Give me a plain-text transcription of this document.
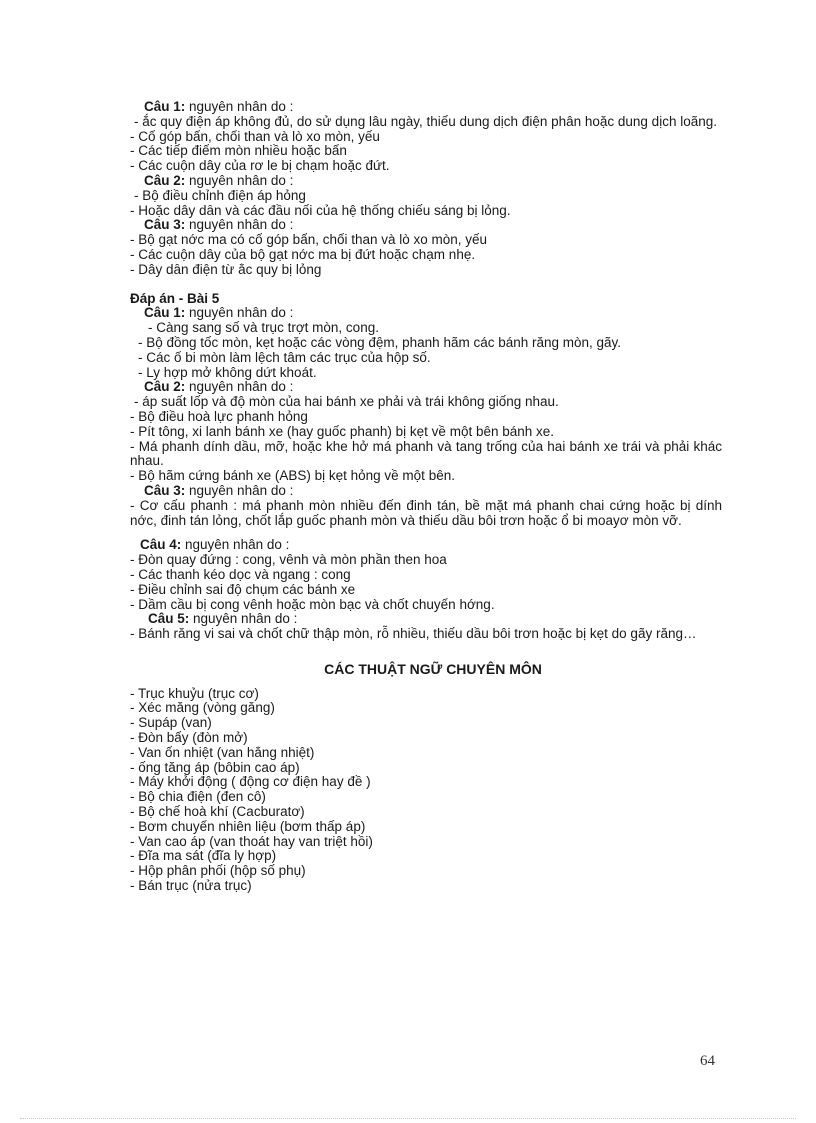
Câu 1: nguyên nhân do :
- ắc quy điện áp không đủ, do sử dụng lâu ngày, thiếu dung dịch điện phân hoặc dung dịch loãng.
- Cổ góp bẩn, chổi than và lò xo mòn, yếu
- Các tiếp điểm mòn nhiều hoặc bẩn
- Các cuộn dây của rơ le bị chạm hoặc đứt.
Câu 2: nguyên nhân do :
- Bộ điều chỉnh điện áp hỏng
- Hoặc dây dẫn và các đầu nối của hệ thống chiếu sáng bị lỏng.
Câu 3: nguyên nhân do :
- Bộ gạt nớc ma có cổ góp bẩn, chổi than và lò xo mòn, yếu
- Các cuộn dây của bộ gạt nớc ma bị đứt hoặc chạm nhẹ.
- Dây dẫn điện từ ắc quy bị lỏng
Đáp án - Bài 5
Câu 1: nguyên nhân do :
- Càng sang số và trục trợt mòn, cong.
- Bộ đồng tốc mòn, kẹt hoặc các vòng đệm, phanh hãm các bánh răng mòn, gãy.
- Các ổ bi mòn làm lệch tâm các trục của hộp số.
- Ly hợp mở không dứt khoát.
Câu 2: nguyên nhân do :
- áp suất lốp và độ mòn của hai bánh xe phải và trái không giống nhau.
- Bộ điều hoà lực phanh hỏng
- Pít tông, xi lanh bánh xe (hay guốc phanh) bị kẹt về một bên bánh xe.
- Má phanh dính dầu, mỡ, hoặc khe hở má phanh và tang trống của hai bánh xe trái và phải khác nhau.
- Bộ hãm cứng bánh xe (ABS) bị kẹt hỏng về một bên.
Câu 3: nguyên nhân do :
- Cơ cấu phanh : má phanh mòn nhiều đến đinh tán, bề mặt má phanh chai cứng hoặc bị dính nớc, đinh tán lỏng, chốt lắp guốc phanh mòn và thiếu dầu bôi trơn hoặc ổ bi moayơ mòn vỡ.
Câu 4: nguyên nhân do :
- Đòn quay đứng : cong, vênh và mòn phần then hoa
- Các thanh kéo dọc và ngang : cong
- Điều chỉnh sai độ chụm các bánh xe
- Dầm cầu bị cong vênh hoặc mòn bạc và chốt chuyển hớng.
Câu 5: nguyên nhân do :
- Bánh răng vi sai và chốt chữ thập mòn, rỗ nhiều, thiếu dầu bôi trơn hoặc bị kẹt do gãy răng…
CÁC THUẬT NGỮ CHUYÊN MÔN
- Trục khuỷu (trục cơ)
- Xéc măng (vòng găng)
- Supáp (van)
- Đòn bẩy (đòn mở)
- Van ổn nhiệt (van hằng nhiệt)
- ống tăng áp (bôbin cao áp)
- Máy khởi động ( động cơ điện hay đề )
- Bộ chia điện (đen cô)
- Bộ chế hoà khí (Cacburatơ)
- Bơm chuyển nhiên liệu (bơm thấp áp)
- Van cao áp (van thoát hay van triệt hồi)
- Đĩa ma sát (đĩa ly hợp)
- Hộp phân phối (hộp số phụ)
- Bán trục (nửa trục)
64
